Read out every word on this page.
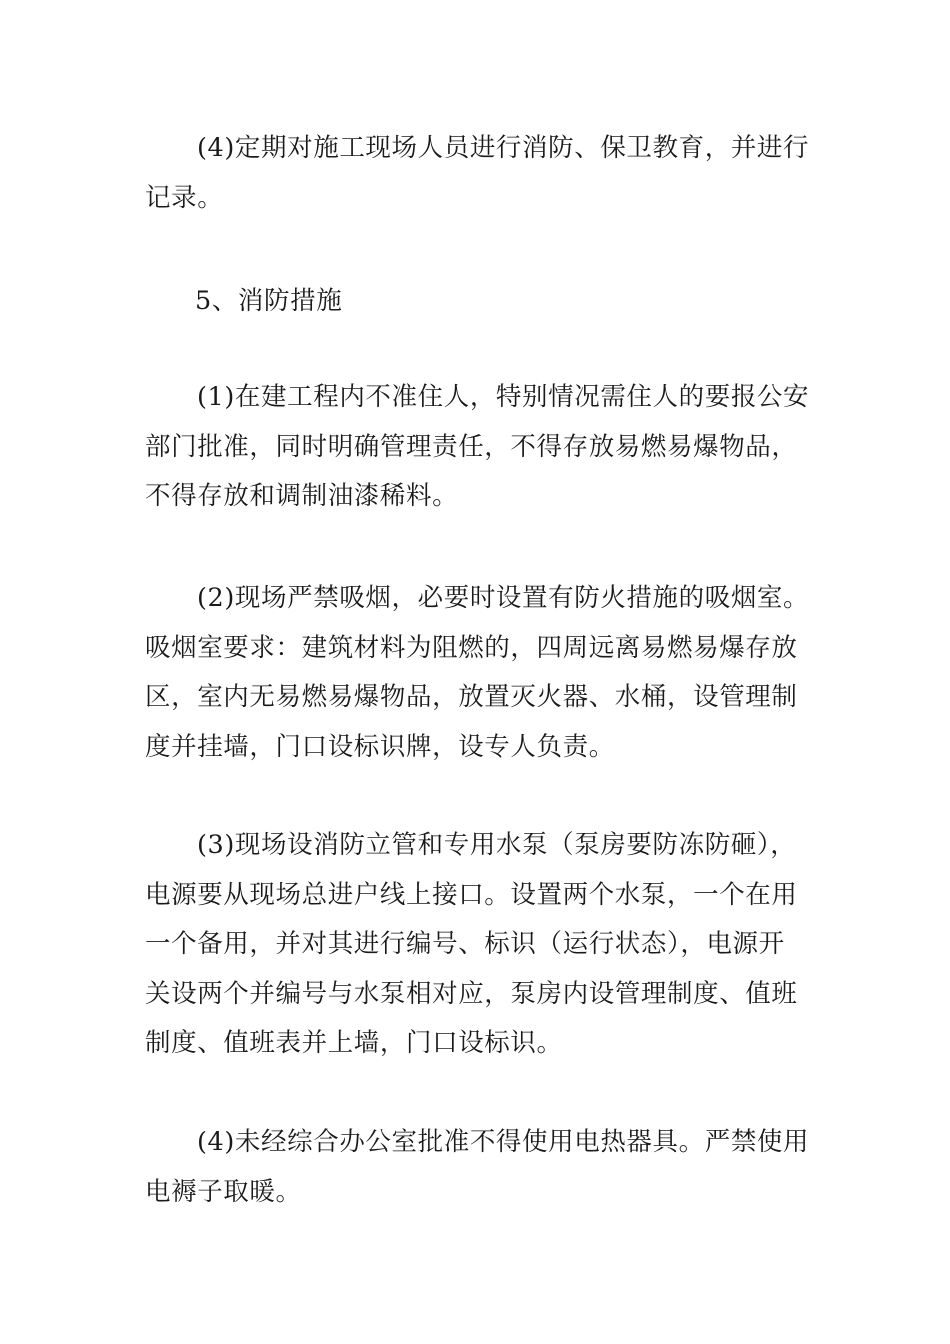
(4)定期对施工现场人员进行消防、保卫教育，并进行
记录。
5、消防措施
(1)在建工程内不准住人，特别情况需住人的要报公安
部门批准，同时明确管理责任，不得存放易燃易爆物品，
不得存放和调制油漆稀料。
(2)现场严禁吸烟，必要时设置有防火措施的吸烟室。
吸烟室要求：建筑材料为阻燃的，四周远离易燃易爆存放
区，室内无易燃易爆物品，放置灭火器、水桶，设管理制
度并挂墙，门口设标识牌，设专人负责。
(3)现场设消防立管和专用水泵（泵房要防冻防砸），
电源要从现场总进户线上接口。设置两个水泵，一个在用
一个备用，并对其进行编号、标识（运行状态），电源开
关设两个并编号与水泵相对应，泵房内设管理制度、值班
制度、值班表并上墙，门口设标识。
(4)未经综合办公室批准不得使用电热器具。严禁使用
电褥子取暖。
